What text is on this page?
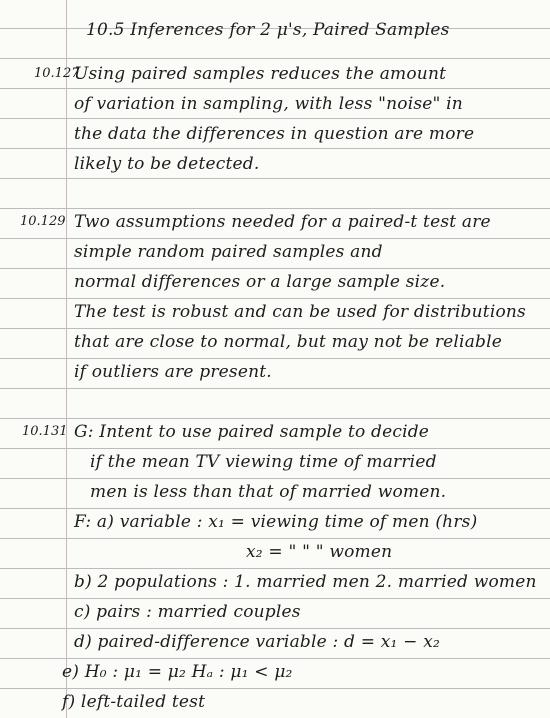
10.5 Inferences for 2 μ's, Paired Samples
10.127
Using paired samples reduces the amount
of variation in sampling, with less "noise" in
the data the differences in question are more
likely to be detected.
10.129 Two assumptions needed for a paired-t test are
simple random paired samples and
normal differences or a large sample size.
The test is robust and can be used for distributions
that are close to normal, but may not be reliable
if outliers are present.
10.131 G: Intent to use paired sample to decide
if the mean TV viewing time of married
men is less than that of married women.
F: a) variable : x₁ = viewing time of men (hrs)
x₂ = " " " women
b) 2 populations : 1. married men 2. married women
c) pairs : married couples
d) paired-difference variable : d = x₁ − x₂
e) H₀ : μ₁ = μ₂ Hₐ : μ₁ < μ₂
f) left-tailed test
